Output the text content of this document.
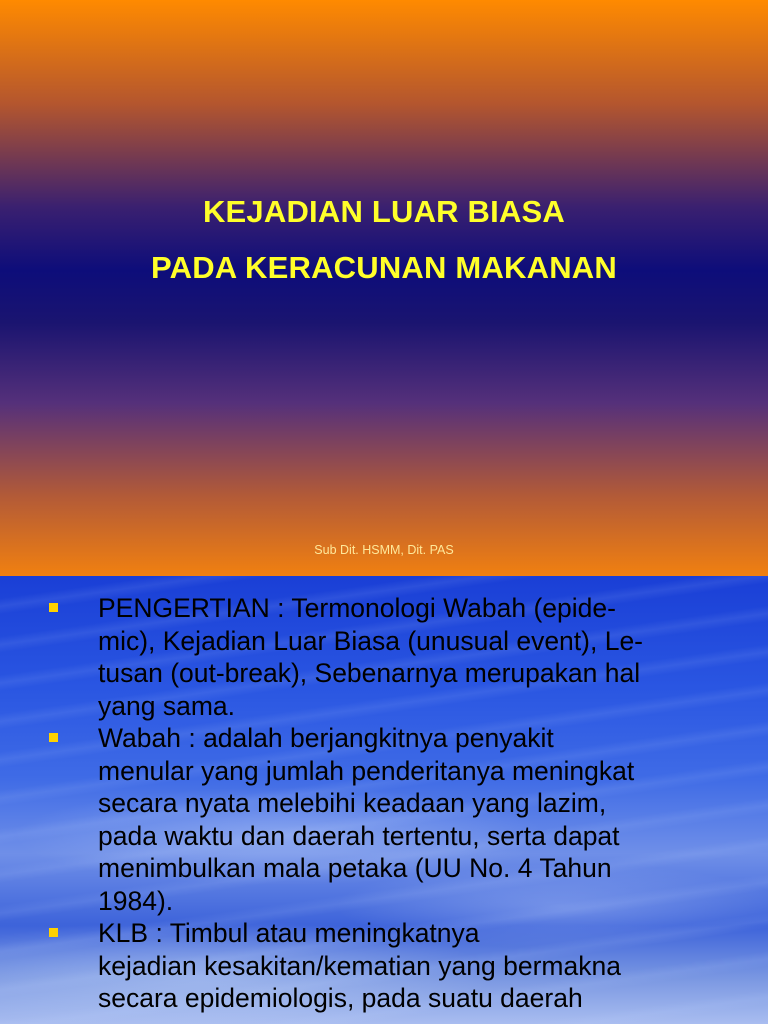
KEJADIAN LUAR BIASA
PADA KERACUNAN MAKANAN
Sub Dit. HSMM, Dit. PAS
PENGERTIAN : Termonologi Wabah (epide-
mic), Kejadian Luar Biasa (unusual event), Le-
tusan (out-break), Sebenarnya merupakan hal
yang sama.
Wabah : adalah berjangkitnya penyakit
menular yang jumlah penderitanya meningkat
secara nyata melebihi keadaan yang lazim,
pada waktu dan daerah tertentu, serta dapat
menimbulkan mala petaka (UU No. 4 Tahun
1984).
KLB : Timbul atau meningkatnya
kejadian kesakitan/kematian yang bermakna
secara epidemiologis, pada suatu daerah
